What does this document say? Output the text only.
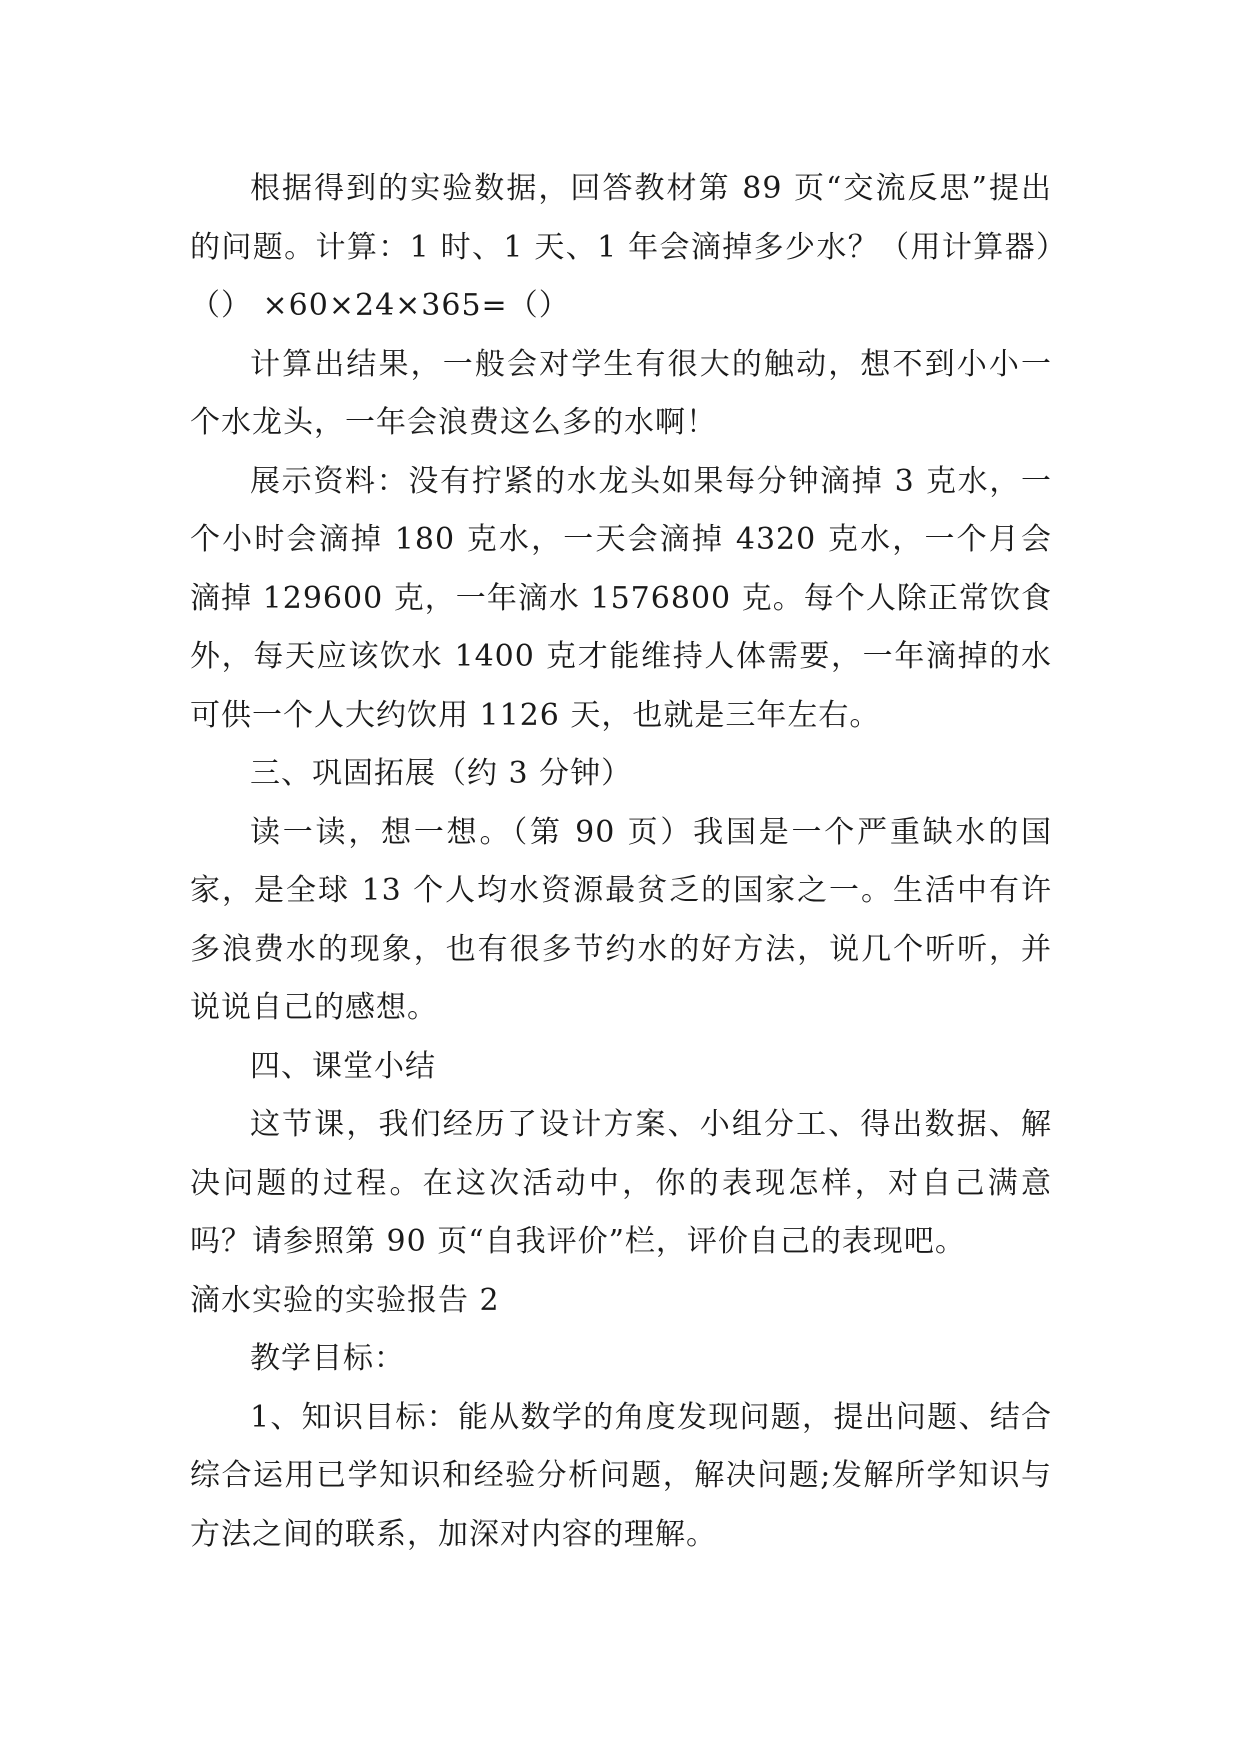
根据得到的实验数据，回答教材第 89 页“交流反思”提出的问题。计算：1 时、1 天、1 年会滴掉多少水？（用计算器）（） ×60×24×365=（）

计算出结果，一般会对学生有很大的触动，想不到小小一个水龙头，一年会浪费这么多的水啊！

展示资料：没有拧紧的水龙头如果每分钟滴掉 3 克水，一个小时会滴掉 180 克水，一天会滴掉 4320 克水，一个月会滴掉 129600 克，一年滴水 1576800 克。每个人除正常饮食外，每天应该饮水 1400 克才能维持人体需要，一年滴掉的水可供一个人大约饮用 1126 天，也就是三年左右。

三、巩固拓展（约 3 分钟）

读一读，想一想。（第 90 页）我国是一个严重缺水的国家，是全球 13 个人均水资源最贫乏的国家之一。生活中有许多浪费水的现象，也有很多节约水的好方法，说几个听听，并说说自己的感想。

四、课堂小结

这节课，我们经历了设计方案、小组分工、得出数据、解决问题的过程。在这次活动中，你的表现怎样，对自己满意吗？请参照第 90 页“自我评价”栏，评价自己的表现吧。

滴水实验的实验报告 2

教学目标：

1、知识目标：能从数学的角度发现问题，提出问题、结合综合运用已学知识和经验分析问题，解决问题;发解所学知识与方法之间的联系，加深对内容的理解。
